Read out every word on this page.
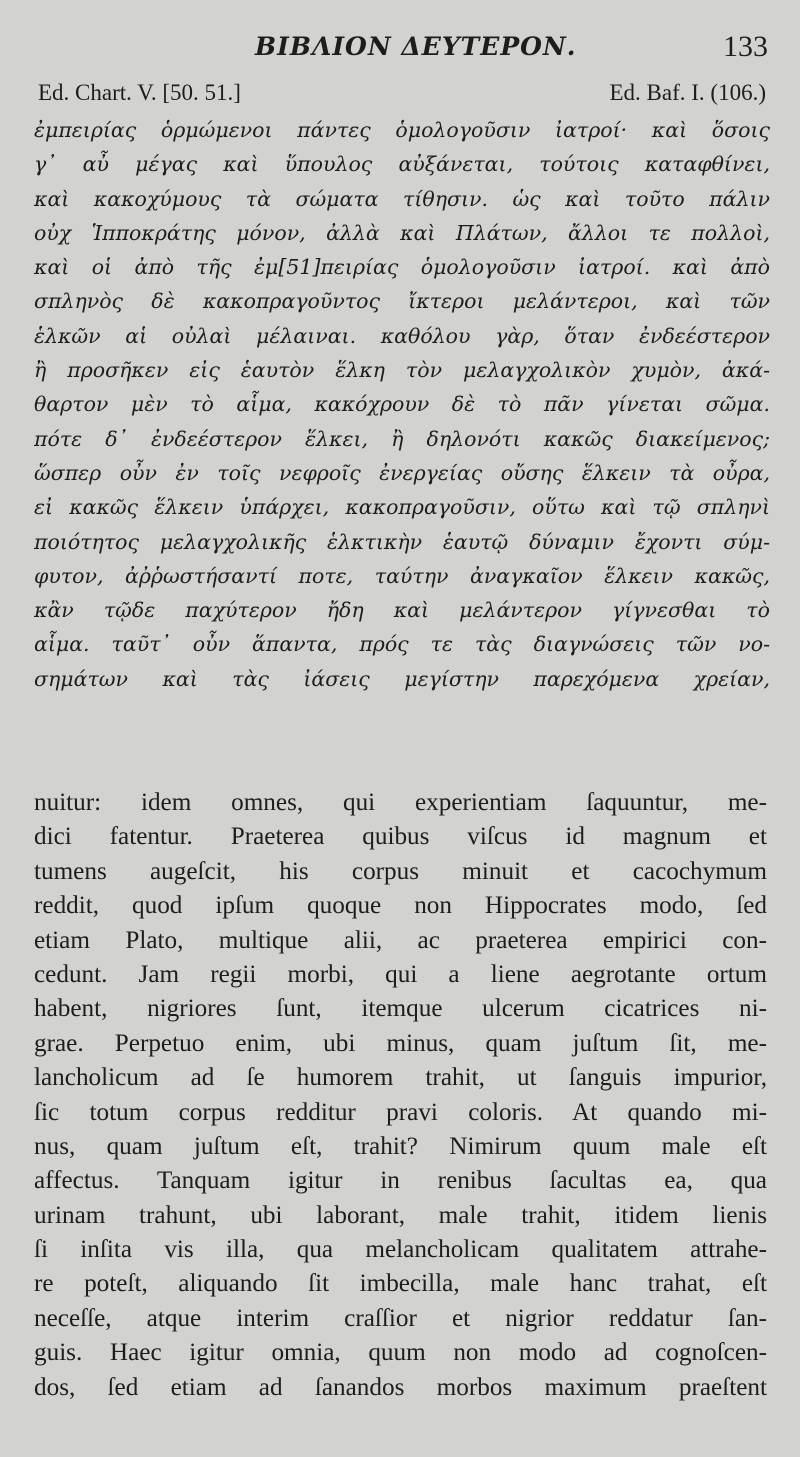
ΒΙΒΛΙΟΝ ΔΕΥΤΕΡΟΝ.	133
Ed. Chart. V. [50. 51.]	Ed. Baf. I. (106.)
ἐμπειρίας ὁρμώμενοι πάντες ὁμολογοῦσιν ἰατροί· καὶ ὅσοις
γ᾽ αὖ μέγας καὶ ὕπουλος αὐξάνεται, τούτοις καταφθίνει,
καὶ κακοχύμους τὰ σώματα τίθησιν. ὡς καὶ τοῦτο πάλιν
οὐχ Ἱπποκράτης μόνον, ἀλλὰ καὶ Πλάτων, ἄλλοι τε πολλοὶ,
καὶ οἱ ἀπὸ τῆς ἐμ[51]πειρίας ὁμολογοῦσιν ἰατροί. καὶ ἀπὸ
σπληνὸς δὲ κακοπραγοῦντος ἴκτεροι μελάντεροι, καὶ τῶν
ἑλκῶν αἱ οὐλαὶ μέλαιναι. καθόλου γὰρ, ὅταν ἐνδεέστερον
ἢ προσῆκεν εἰς ἑαυτὸν ἕλκη τὸν μελαγχολικὸν χυμὸν, ἀκά-
θαρτον μὲν τὸ αἷμα, κακόχρουν δὲ τὸ πᾶν γίνεται σῶμα.
πότε δ᾽ ἐνδεέστερον ἕλκει, ἢ δηλονότι κακῶς διακείμενος;
ὥσπερ οὖν ἐν τοῖς νεφροῖς ἐνεργείας οὔσης ἕλκειν τὰ οὖρα,
εἰ κακῶς ἕλκειν ὑπάρχει, κακοπραγοῦσιν, οὕτω καὶ τῷ σπληνὶ
ποιότητος μελαγχολικῆς ἑλκτικὴν ἑαυτῷ δύναμιν ἔχοντι σύμ-
φυτον, ἀῤῥωστήσαντί ποτε, ταύτην ἀναγκαῖον ἕλκειν κακῶς,
κἂν τῷδε παχύτερον ἤδη καὶ μελάντερον γίγνεσθαι τὸ
αἷμα. ταῦτ᾽ οὖν ἅπαντα, πρός τε τὰς διαγνώσεις τῶν νο-
σημάτων καὶ τὰς ἰάσεις μεγίστην παρεχόμενα χρείαν,
nuitur: idem omnes, qui experientiam ſaquuntur, me-
dici fatentur. Praeterea quibus viſcus id magnum et
tumens augeſcit, his corpus minuit et cacochymum
reddit, quod ipſum quoque non Hippocrates modo, ſed
etiam Plato, multique alii, ac praeterea empirici con-
cedunt. Jam regii morbi, qui a liene aegrotante ortum
habent, nigriores ſunt, itemque ulcerum cicatrices ni-
grae. Perpetuo enim, ubi minus, quam juſtum ſit, me-
lancholicum ad ſe humorem trahit, ut ſanguis impurior,
ſic totum corpus redditur pravi coloris. At quando mi-
nus, quam juſtum eſt, trahit? Nimirum quum male eſt
affectus. Tanquam igitur in renibus ſacultas ea, qua
urinam trahunt, ubi laborant, male trahit, itidem lienis
ſi inſita vis illa, qua melancholicam qualitatem attrahe-
re poteſt, aliquando ſit imbecilla, male hanc trahat, eſt
neceſſe, atque interim craſſior et nigrior reddatur ſan-
guis. Haec igitur omnia, quum non modo ad cognoſcen-
dos, ſed etiam ad ſanandos morbos maximum praeſtent
